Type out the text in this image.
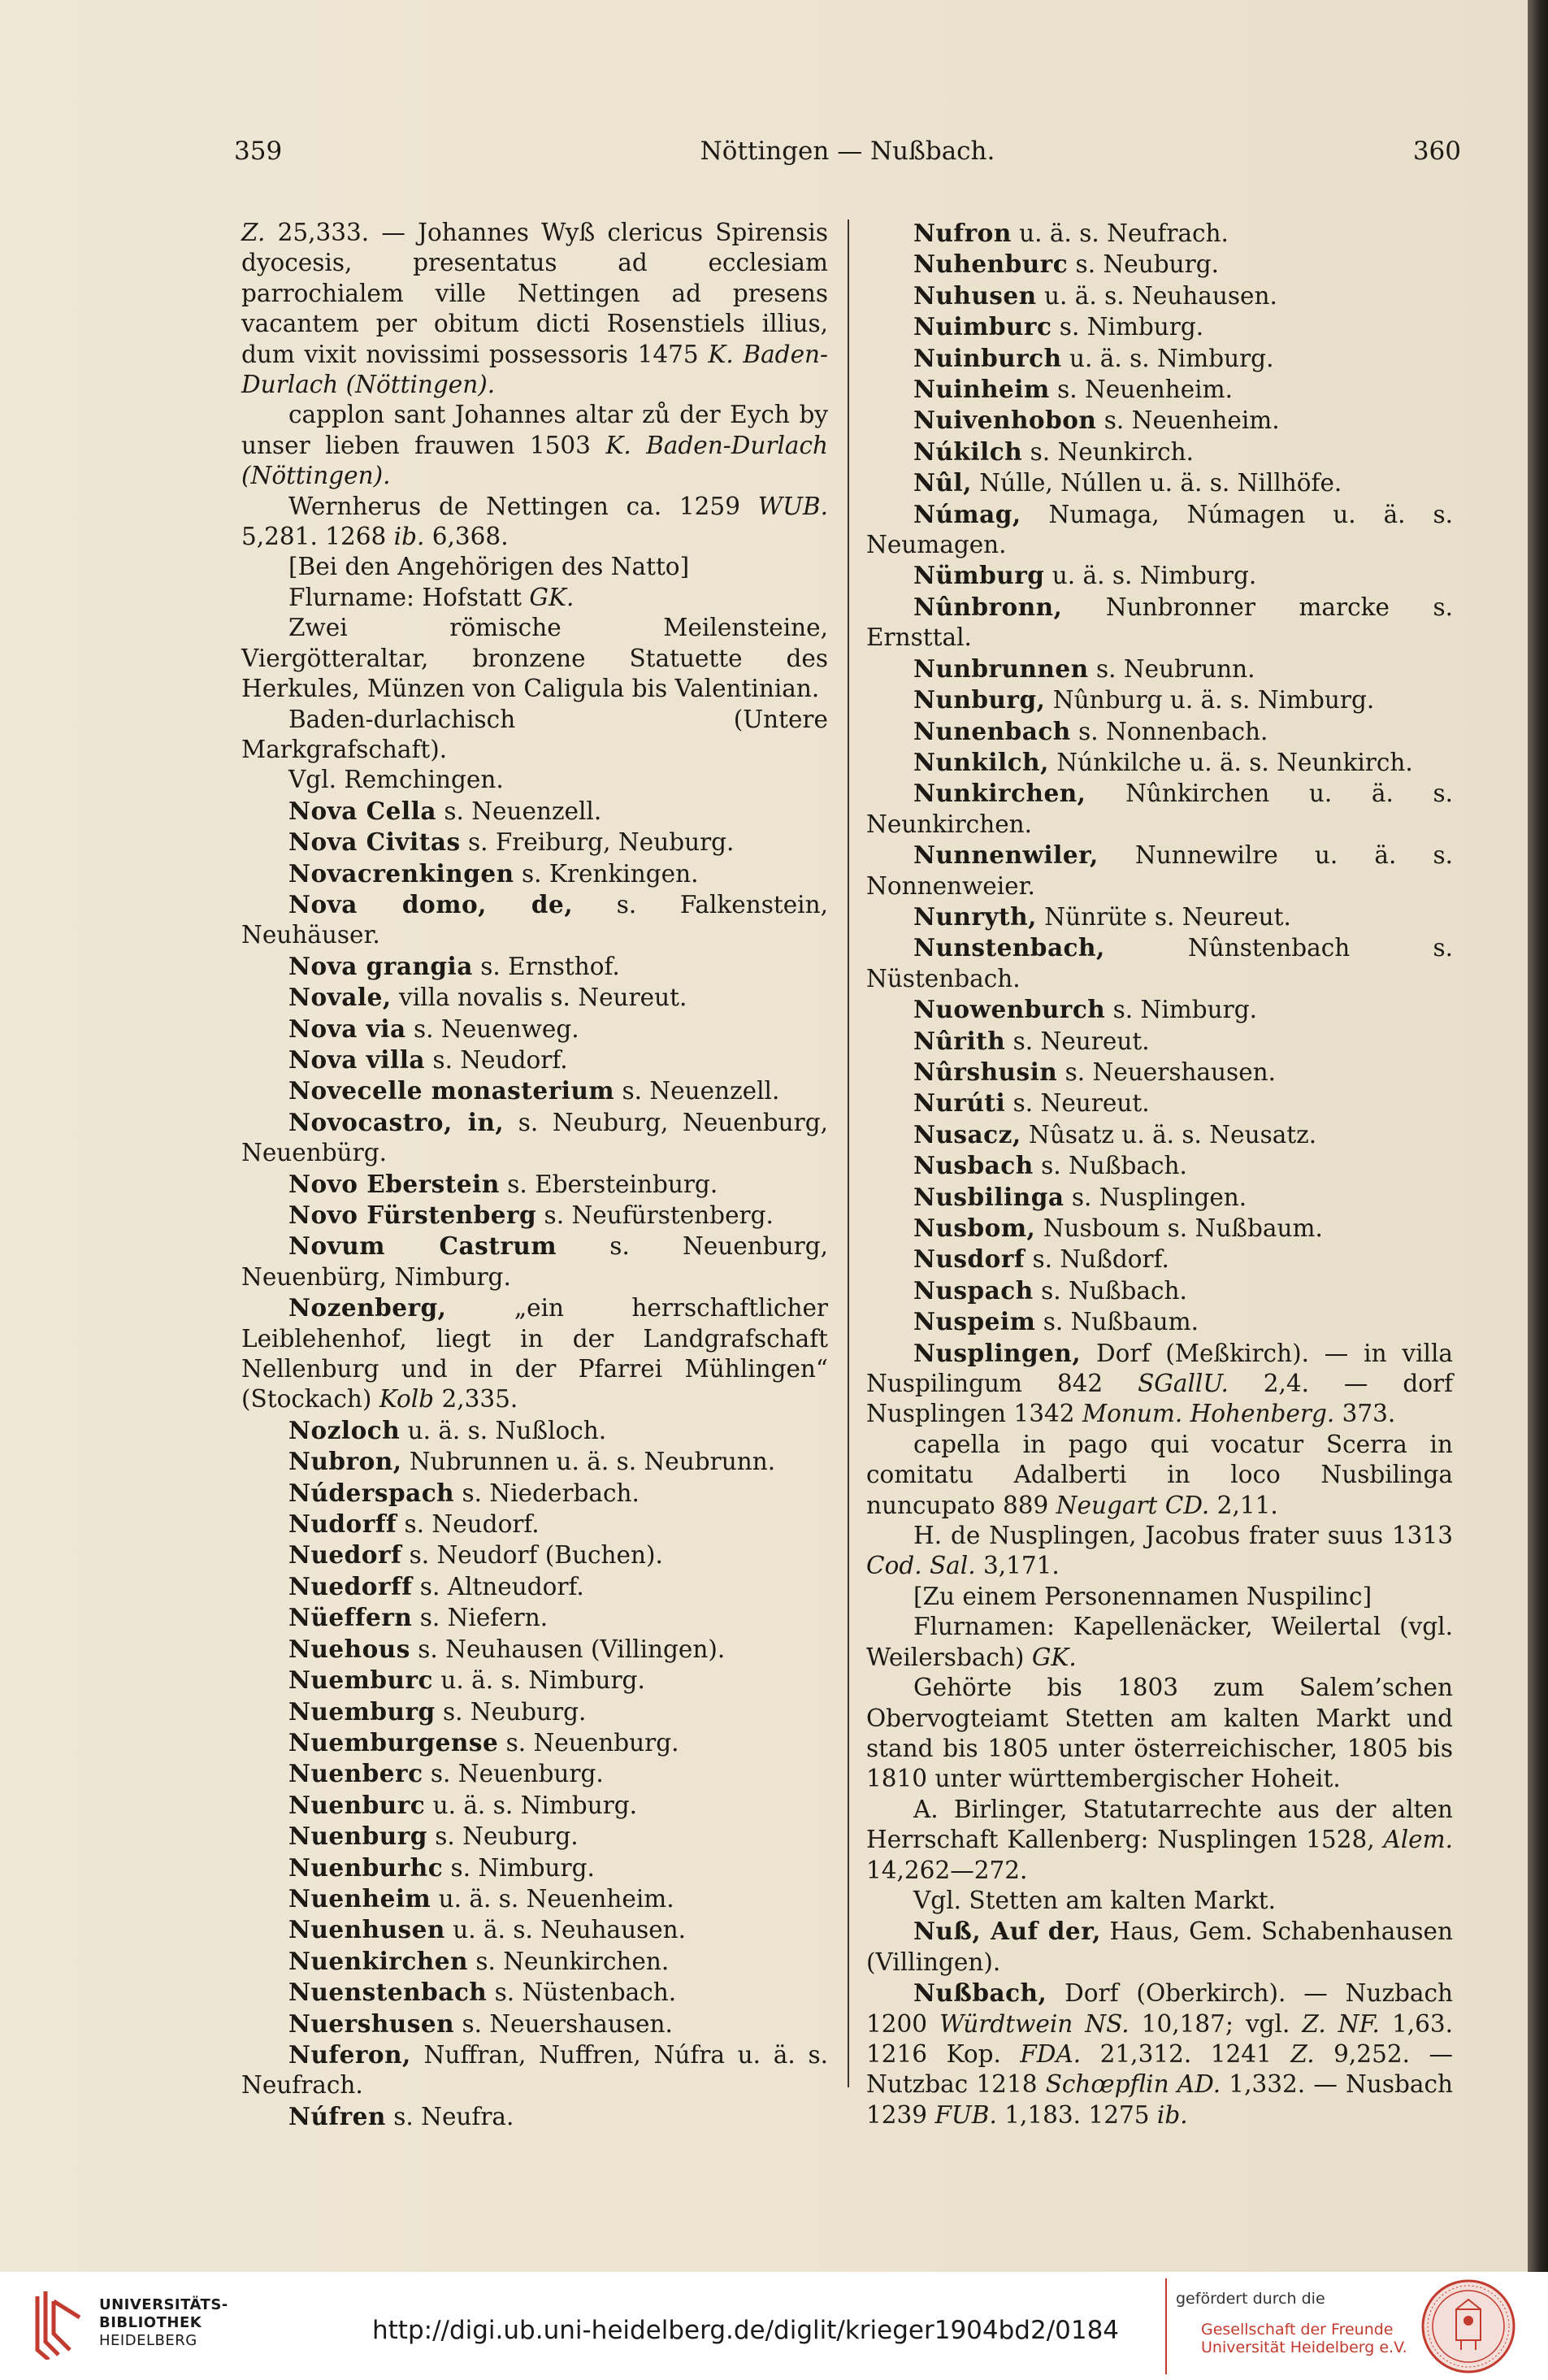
359	Nöttingen — Nußbach.	360

Z. 25,333. — Johannes Wyß clericus Spirensis dyocesis, presentatus ad ecclesiam parrochialem ville Nettingen ad presens vacantem per obitum dicti Rosenstiels illius, dum vixit novissimi possessoris 1475 K. Baden-Durlach (Nöttingen).

capplon sant Johannes altar zů der Eych by unser lieben frauwen 1503 K. Baden-Durlach (Nöttingen).

Wernherus de Nettingen ca. 1259 WUB. 5,281. 1268 ib. 6,368.

[Bei den Angehörigen des Natto]

Flurname: Hofstatt GK.

Zwei römische Meilensteine, Viergötteraltar, bronzene Statuette des Herkules, Münzen von Caligula bis Valentinian.

Baden-durlachisch (Untere Markgrafschaft).

Vgl. Remchingen.

Nova Cella s. Neuenzell.

Nova Civitas s. Freiburg, Neuburg.

Novacrenkingen s. Krenkingen.

Nova domo, de, s. Falkenstein, Neuhäuser.

Nova grangia s. Ernsthof.

Novale, villa novalis s. Neureut.

Nova via s. Neuenweg.

Nova villa s. Neudorf.

Novecelle monasterium s. Neuenzell.

Novocastro, in, s. Neuburg, Neuenburg, Neuenbürg.

Novo Eberstein s. Ebersteinburg.

Novo Fürstenberg s. Neufürstenberg.

Novum Castrum s. Neuenburg, Neuenbürg, Nimburg.

Nozenberg, „ein herrschaftlicher Leiblehenhof, liegt in der Landgrafschaft Nellenburg und in der Pfarrei Mühlingen“ (Stockach) Kolb 2,335.

Nozloch u. ä. s. Nußloch.

Nubron, Nubrunnen u. ä. s. Neubrunn.

Núderspach s. Niederbach.

Nudorff s. Neudorf.

Nuedorf s. Neudorf (Buchen).

Nuedorff s. Altneudorf.

Nüeffern s. Niefern.

Nuehous s. Neuhausen (Villingen).

Nuemburc u. ä. s. Nimburg.

Nuemburg s. Neuburg.

Nuemburgense s. Neuenburg.

Nuenberc s. Neuenburg.

Nuenburc u. ä. s. Nimburg.

Nuenburg s. Neuburg.

Nuenburhc s. Nimburg.

Nuenheim u. ä. s. Neuenheim.

Nuenhusen u. ä. s. Neuhausen.

Nuenkirchen s. Neunkirchen.

Nuenstenbach s. Nüstenbach.

Nuershusen s. Neuershausen.

Nuferon, Nuffran, Nuffren, Núfra u. ä. s. Neufrach.

Núfren s. Neufra.

Nufron u. ä. s. Neufrach.

Nuhenburc s. Neuburg.

Nuhusen u. ä. s. Neuhausen.

Nuimburc s. Nimburg.

Nuinburch u. ä. s. Nimburg.

Nuinheim s. Neuenheim.

Nuivenhobon s. Neuenheim.

Núkilch s. Neunkirch.

Nûl, Núlle, Núllen u. ä. s. Nillhöfe.

Númag, Numaga, Númagen u. ä. s. Neumagen.

Nümburg u. ä. s. Nimburg.

Nûnbronn, Nunbronner marcke s. Ernsttal.

Nunbrunnen s. Neubrunn.

Nunburg, Nûnburg u. ä. s. Nimburg.

Nunenbach s. Nonnenbach.

Nunkilch, Núnkilche u. ä. s. Neunkirch.

Nunkirchen, Nûnkirchen u. ä. s. Neunkirchen.

Nunnenwiler, Nunnewilre u. ä. s. Nonnenweier.

Nunryth, Nünrüte s. Neureut.

Nunstenbach, Nûnstenbach s. Nüstenbach.

Nuowenburch s. Nimburg.

Nûrith s. Neureut.

Nûrshusin s. Neuershausen.

Nurúti s. Neureut.

Nusacz, Nûsatz u. ä. s. Neusatz.

Nusbach s. Nußbach.

Nusbilinga s. Nusplingen.

Nusbom, Nusboum s. Nußbaum.

Nusdorf s. Nußdorf.

Nuspach s. Nußbach.

Nuspeim s. Nußbaum.

Nusplingen, Dorf (Meßkirch). — in villa Nuspilingum 842 SGallU. 2,4. — dorf Nusplingen 1342 Monum. Hohenberg. 373.

capella in pago qui vocatur Scerra in comitatu Adalberti in loco Nusbilinga nuncupato 889 Neugart CD. 2,11.

H. de Nusplingen, Jacobus frater suus 1313 Cod. Sal. 3,171.

[Zu einem Personennamen Nuspilinc]

Flurnamen: Kapellenäcker, Weilertal (vgl. Weilersbach) GK.

Gehörte bis 1803 zum Salem’schen Obervogteiamt Stetten am kalten Markt und stand bis 1805 unter österreichischer, 1805 bis 1810 unter württembergischer Hoheit.

A. Birlinger, Statutarrechte aus der alten Herrschaft Kallenberg: Nusplingen 1528, Alem. 14,262—272.

Vgl. Stetten am kalten Markt.

Nuß, Auf der, Haus, Gem. Schabenhausen (Villingen).

Nußbach, Dorf (Oberkirch). — Nuzbach 1200 Würdtwein NS. 10,187; vgl. Z. NF. 1,63. 1216 Kop. FDA. 21,312. 1241 Z. 9,252. — Nutzbac 1218 Schœpflin AD. 1,332. — Nusbach 1239 FUB. 1,183. 1275 ib.

UNIVERSITÄTS-
BIBLIOTHEK
HEIDELBERG	http://digi.ub.uni-heidelberg.de/diglit/krieger1904bd2/0184
gefördert durch die
Gesellschaft der Freunde
Universität Heidelberg e.V.
